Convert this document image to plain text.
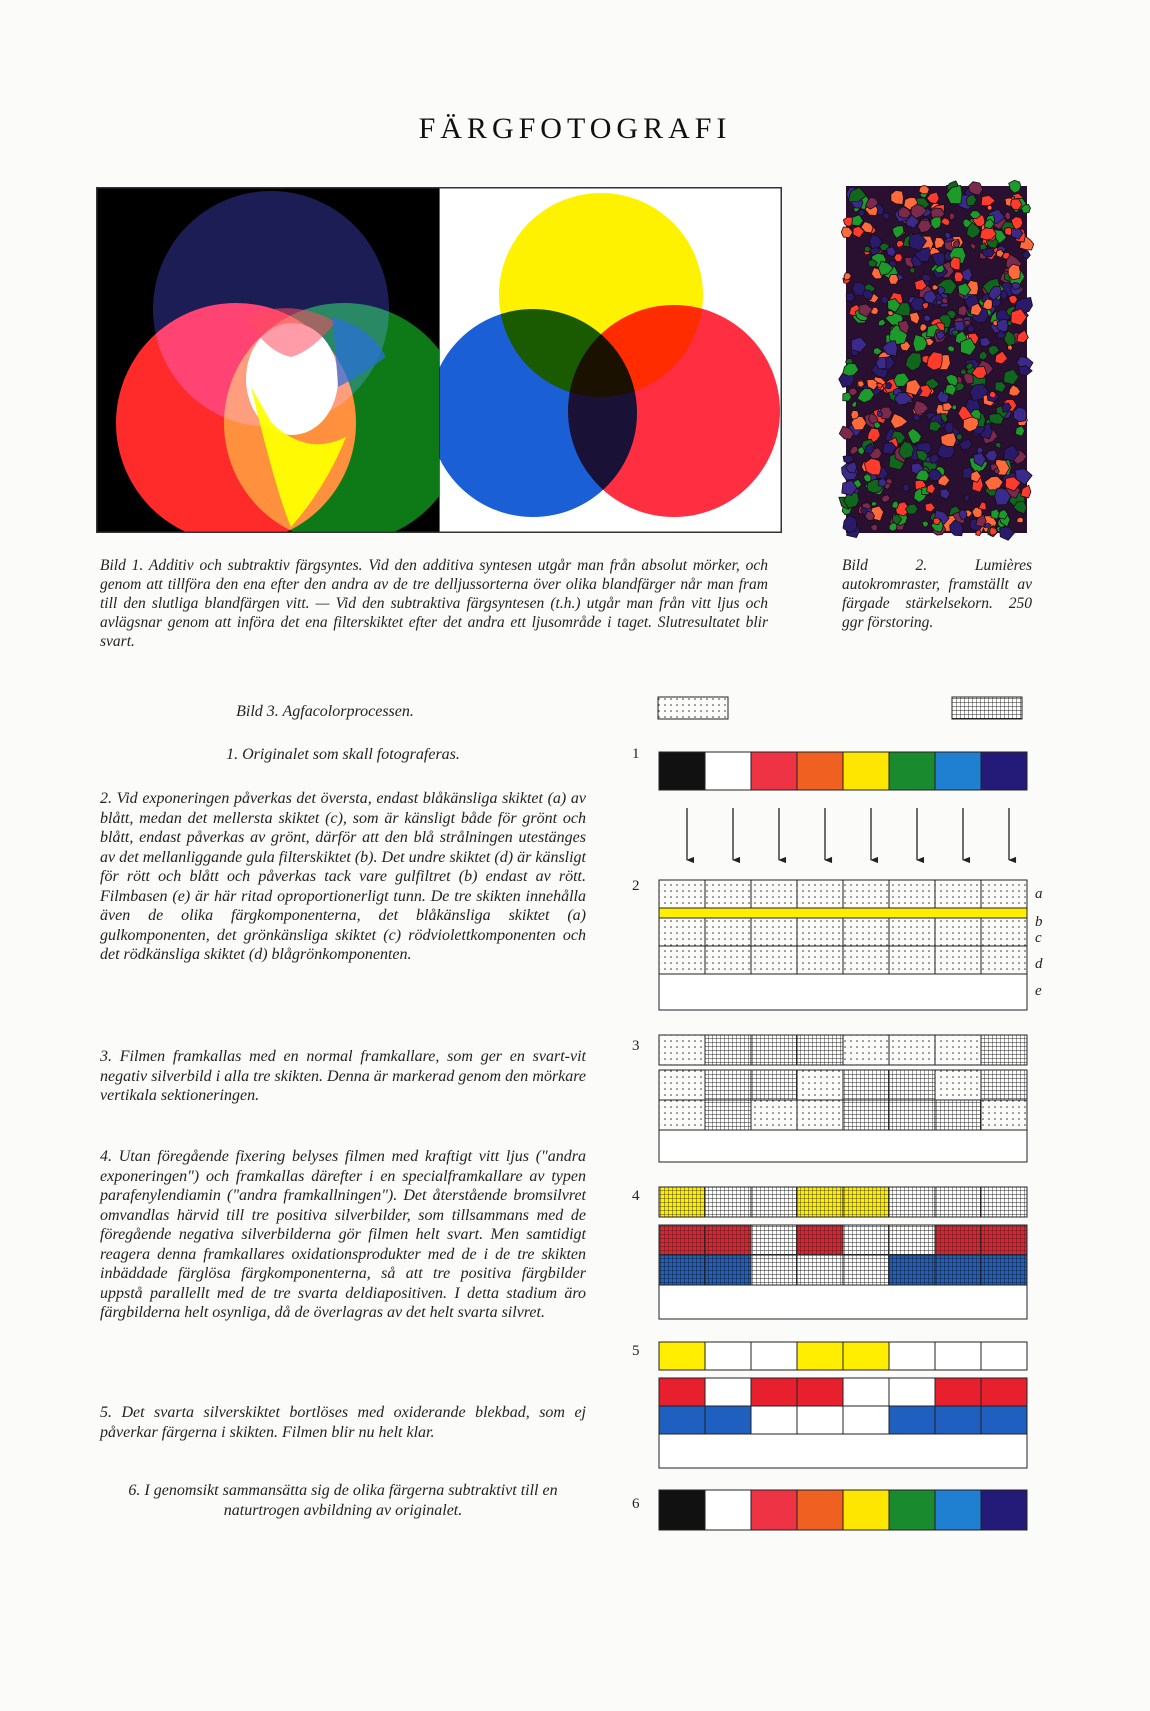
FÄRGFOTOGRAFI
Bild 1. Additiv och subtraktiv färgsyntes. Vid den additiva syntesen utgår man från absolut mörker, och genom att tillföra den ena efter den andra av de tre delljussorterna över olika blandfärger når man fram till den slutliga blandfärgen vitt. — Vid den subtraktiva färgsyntesen (t.h.) utgår man från vitt ljus och avlägsnar genom att införa det ena filterskiktet efter det andra ett ljusområde i taget. Slutresultatet blir svart.
Bild 2. Lumières autokromraster, framställt av färgade stärkelsekorn. 250 ggr förstoring.
Bild 3. Agfacolorprocessen.
1. Originalet som skall fotograferas.
2. Vid exponeringen påverkas det översta, endast blåkänsliga skiktet (a) av blått, medan det mellersta skiktet (c), som är känsligt både för grönt och blått, endast påverkas av grönt, därför att den blå strålningen utestänges av det mellanliggande gula filterskiktet (b). Det undre skiktet (d) är känsligt för rött och blått och påverkas tack vare gulfiltret (b) endast av rött. Filmbasen (e) är här ritad oproportionerligt tunn. De tre skikten innehålla även de olika färgkomponenterna, det blåkänsliga skiktet (a) gulkomponenten, det grönkänsliga skiktet (c) rödviolettkomponenten och det rödkänsliga skiktet (d) blågrönkomponenten.
3. Filmen framkallas med en normal framkallare, som ger en svart-vit negativ silverbild i alla tre skikten. Denna är markerad genom den mörkare vertikala sektioneringen.
4. Utan föregående fixering belyses filmen med kraftigt vitt ljus ("andra exponeringen") och framkallas därefter i en specialframkallare av typen parafenylendiamin ("andra framkallningen"). Det återstående bromsilvret omvandlas härvid till tre positiva silverbilder, som tillsammans med de föregående negativa silverbilderna gör filmen helt svart. Men samtidigt reagera denna framkallares oxidationsprodukter med de i de tre skikten inbäddade färglösa färgkomponenterna, så att tre positiva färgbilder uppstå parallellt med de tre svarta deldiapositiven. I detta stadium äro färgbilderna helt osynliga, då de överlagras av det helt svarta silvret.
5. Det svarta silverskiktet bortlöses med oxiderande blekbad, som ej påverkar färgerna i skikten. Filmen blir nu helt klar.
6. I genomsikt sammansätta sig de olika färgerna subtraktivt till en naturtrogen avbildning av originalet.
1
2
3
4
5
6
a
b
c
d
e
